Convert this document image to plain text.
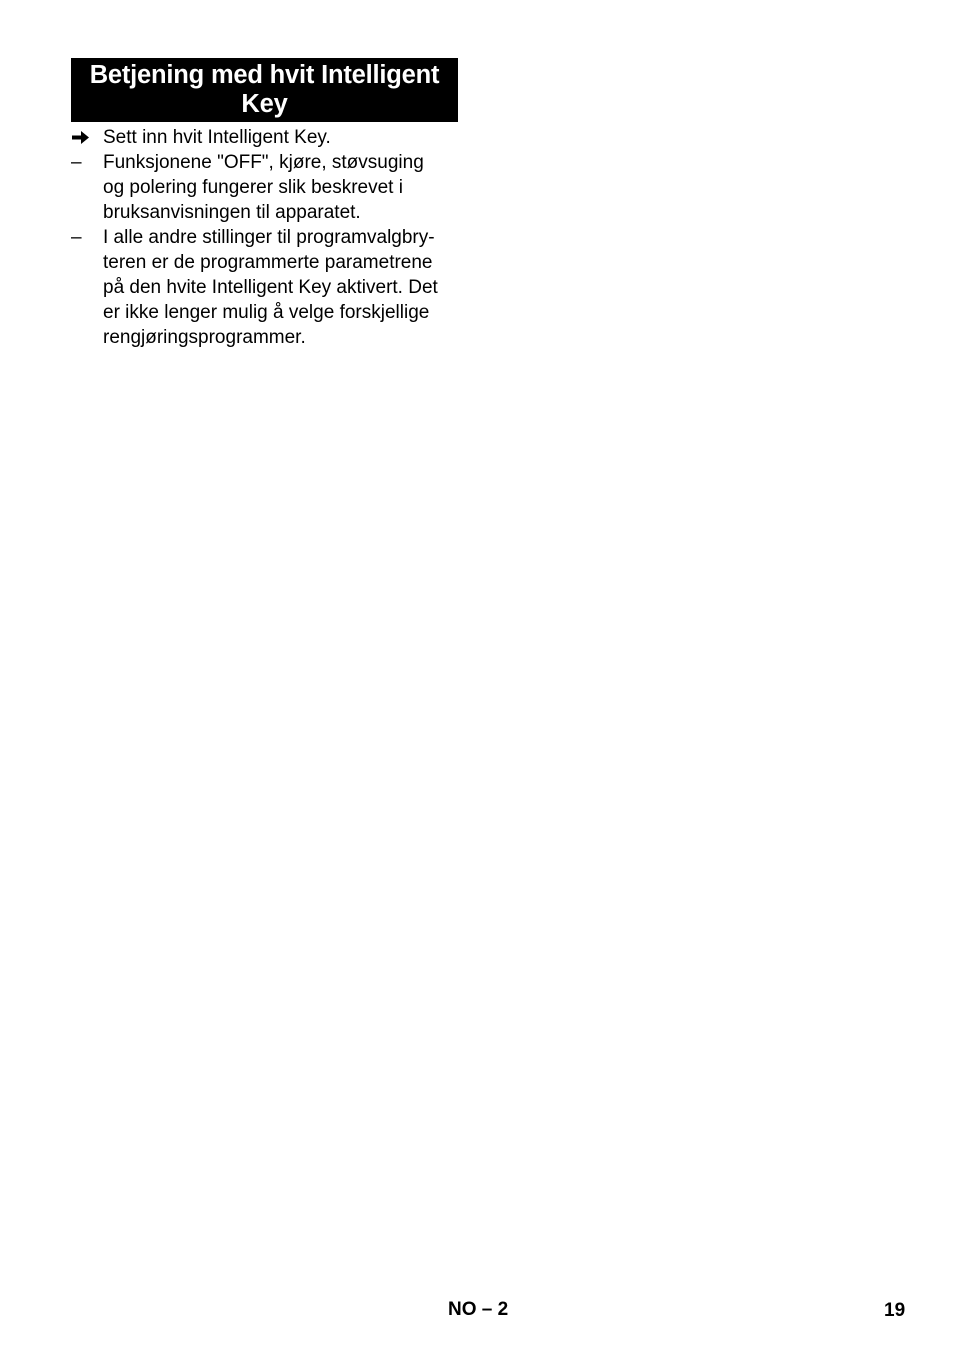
Betjening med hvit Intelligent
Key
Sett inn hvit Intelligent Key.
–	Funksjonene "OFF", kjøre, støvsuging
og polering fungerer slik beskrevet i
bruksanvisningen til apparatet.
–	I alle andre stillinger til programvalgbry-
teren er de programmerte parametrene
på den hvite Intelligent Key aktivert. Det
er ikke lenger mulig å velge forskjellige
rengjøringsprogrammer.
NO – 2	19
